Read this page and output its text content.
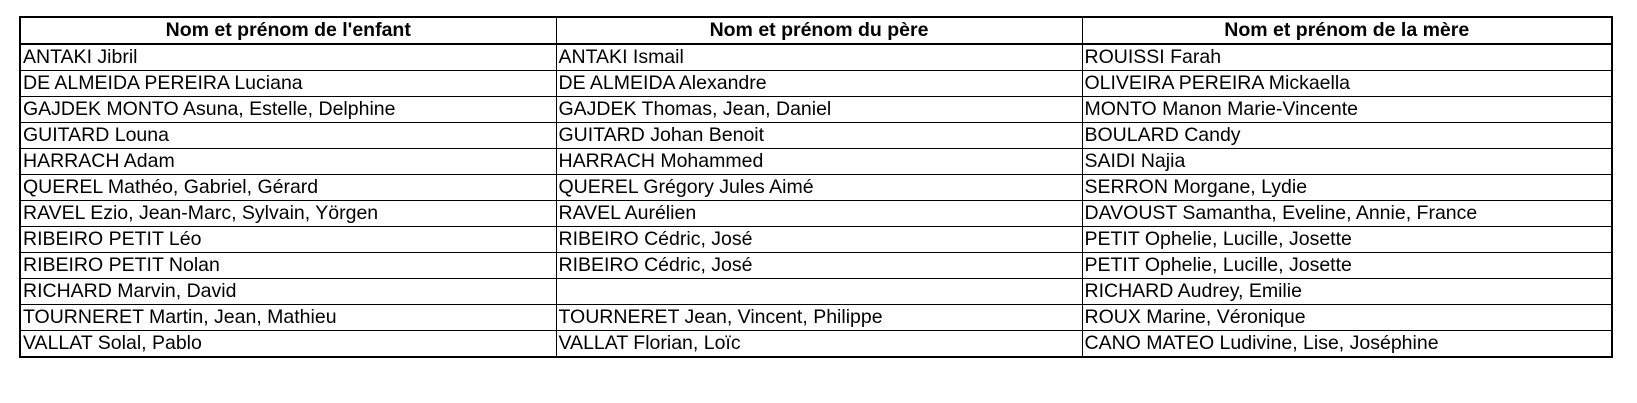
Nom et prénom de l'enfant	Nom et prénom du père	Nom et prénom de la mère
ANTAKI Jibril	ANTAKI Ismail	ROUISSI Farah
DE ALMEIDA PEREIRA Luciana	DE ALMEIDA Alexandre	OLIVEIRA PEREIRA Mickaella
GAJDEK MONTO Asuna, Estelle, Delphine	GAJDEK Thomas, Jean, Daniel	MONTO Manon Marie-Vincente
GUITARD Louna	GUITARD Johan Benoit	BOULARD Candy
HARRACH Adam	HARRACH Mohammed	SAIDI Najia
QUEREL Mathéo, Gabriel, Gérard	QUEREL Grégory Jules Aimé	SERRON Morgane, Lydie
RAVEL Ezio, Jean-Marc, Sylvain, Yörgen	RAVEL Aurélien	DAVOUST Samantha, Eveline, Annie, France
RIBEIRO PETIT Léo	RIBEIRO Cédric, José	PETIT Ophelie, Lucille, Josette
RIBEIRO PETIT Nolan	RIBEIRO Cédric, José	PETIT Ophelie, Lucille, Josette
RICHARD Marvin, David		RICHARD Audrey, Emilie
TOURNERET Martin, Jean, Mathieu	TOURNERET Jean, Vincent, Philippe	ROUX Marine, Véronique
VALLAT Solal, Pablo	VALLAT Florian, Loïc	CANO MATEO Ludivine, Lise, Joséphine
